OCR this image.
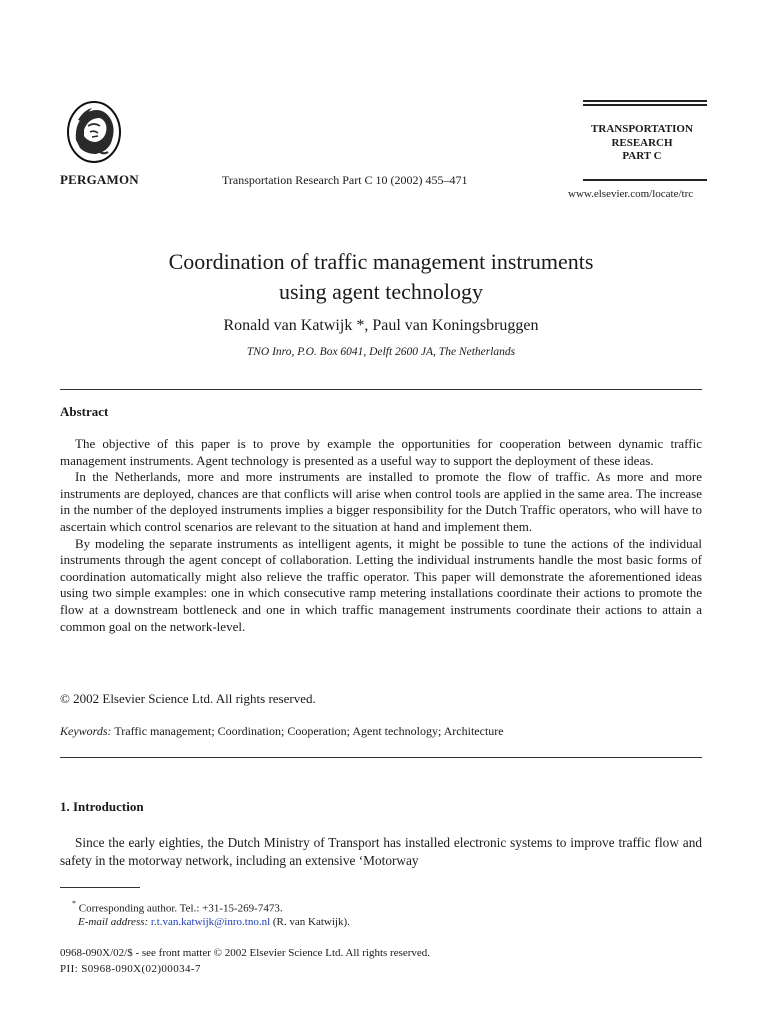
PERGAMON	Transportation Research Part C 10 (2002) 455–471
TRANSPORTATION
RESEARCH
PART C
www.elsevier.com/locate/trc
Coordination of traffic management instruments
using agent technology
Ronald van Katwijk *, Paul van Koningsbruggen
TNO Inro, P.O. Box 6041, Delft 2600 JA, The Netherlands
Abstract

The objective of this paper is to prove by example the opportunities for cooperation between dynamic traffic management instruments. Agent technology is presented as a useful way to support the deployment of these ideas.

In the Netherlands, more and more instruments are installed to promote the flow of traffic. As more and more instruments are deployed, chances are that conflicts will arise when control tools are applied in the same area. The increase in the number of the deployed instruments implies a bigger responsibility for the Dutch Traffic operators, who will have to ascertain which control scenarios are relevant to the situation at hand and implement them.

By modeling the separate instruments as intelligent agents, it might be possible to tune the actions of the individual instruments through the agent concept of collaboration. Letting the individual instruments handle the most basic forms of coordination automatically might also relieve the traffic operator. This paper will demonstrate the aforementioned ideas using two simple examples: one in which consecutive ramp metering installations coordinate their actions to promote the flow at a downstream bottleneck and one in which traffic management instruments coordinate their actions to attain a common goal on the network-level.

© 2002 Elsevier Science Ltd. All rights reserved.
Keywords: Traffic management; Coordination; Cooperation; Agent technology; Architecture
1. Introduction

Since the early eighties, the Dutch Ministry of Transport has installed electronic systems to improve traffic flow and safety in the motorway network, including an extensive ‘Motorway

* Corresponding author. Tel.: +31-15-269-7473.
E-mail address: r.t.van.katwijk@inro.tno.nl (R. van Katwijk).
0968-090X/02/$ - see front matter © 2002 Elsevier Science Ltd. All rights reserved.
PII: S0968-090X(02)00034-7
